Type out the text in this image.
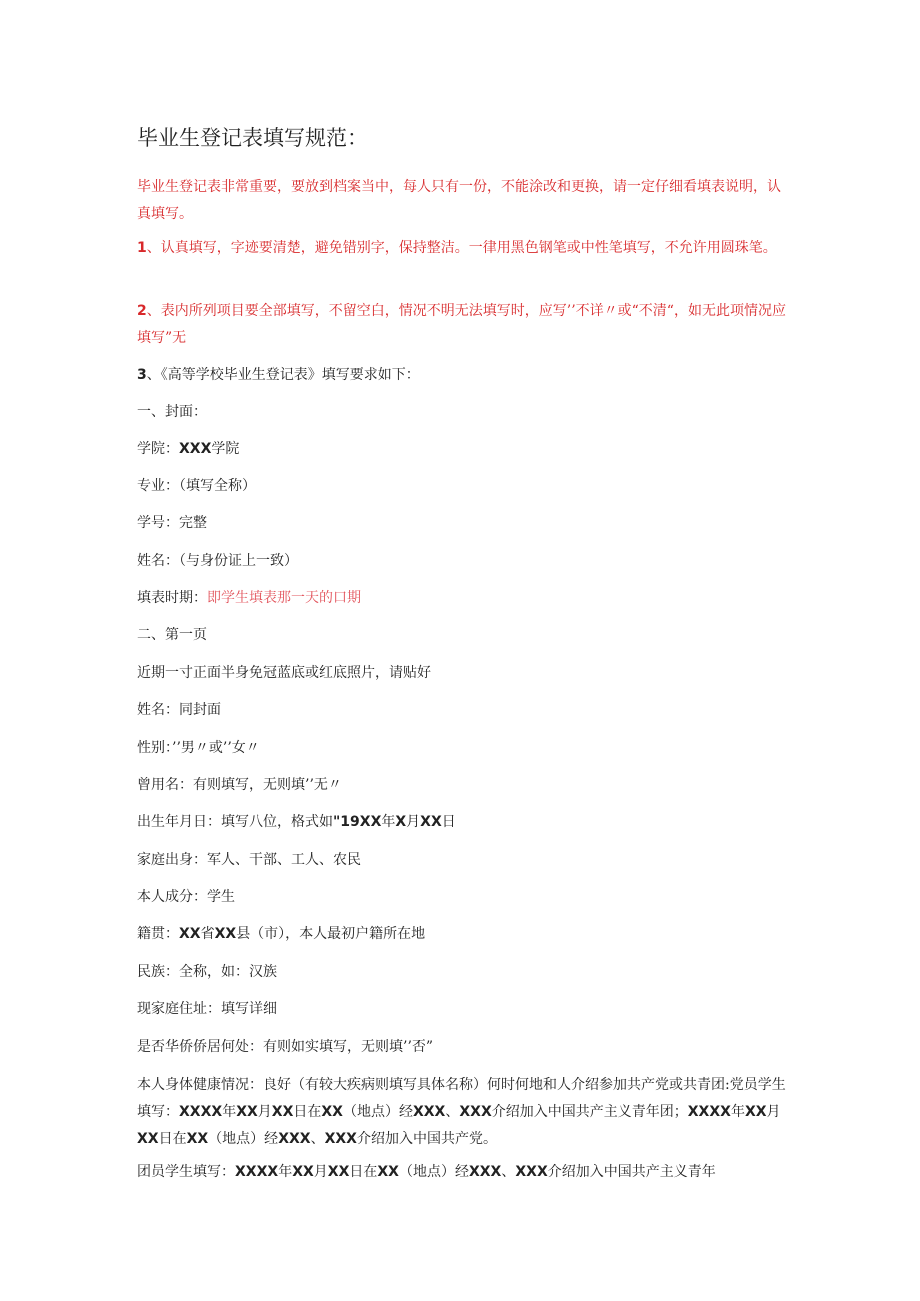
毕业生登记表填写规范：
毕业生登记表非常重要，要放到档案当中，每人只有一份，不能涂改和更换，请一定仔细看填表说明，认真填写。
1、认真填写，字迹要清楚，避免错别字，保持整洁。一律用黑色钢笔或中性笔填写，不允许用圆珠笔。
2、表内所列项目要全部填写，不留空白，情况不明无法填写时，应写’’不详〃或“不清“，如无此项情况应填写”无
3、《高等学校毕业生登记表》填写要求如下：
一、封面：
学院：XXX学院
专业：（填写全称）
学号：完整
姓名：（与身份证上一致）
填表时期：即学生填表那一天的口期
二、第一页
近期一寸正面半身免冠蓝底或红底照片，请贴好
姓名：同封面
性别：’’男〃或’’女〃
曾用名：有则填写，无则填’’无〃
出生年月日：填写八位，格式如"19XX年X月XX日
家庭出身：军人、干部、工人、农民
本人成分：学生
籍贯：XX省XX县（市），本人最初户籍所在地
民族：全称，如：汉族
现家庭住址：填写详细
是否华侨侨居何处：有则如实填写，无则填’’否”
本人身体健康情况：良好（有较大疾病则填写具体名称）何时何地和人介绍参加共产党或共青团:党员学生填写：XXXX年XX月XX日在XX（地点）经XXX、XXX介绍加入中国共产主义青年团；XXXX年XX月XX日在XX（地点）经XXX、XXX介绍加入中国共产党。
团员学生填写：XXXX年XX月XX日在XX（地点）经XXX、XXX介绍加入中国共产主义青年
